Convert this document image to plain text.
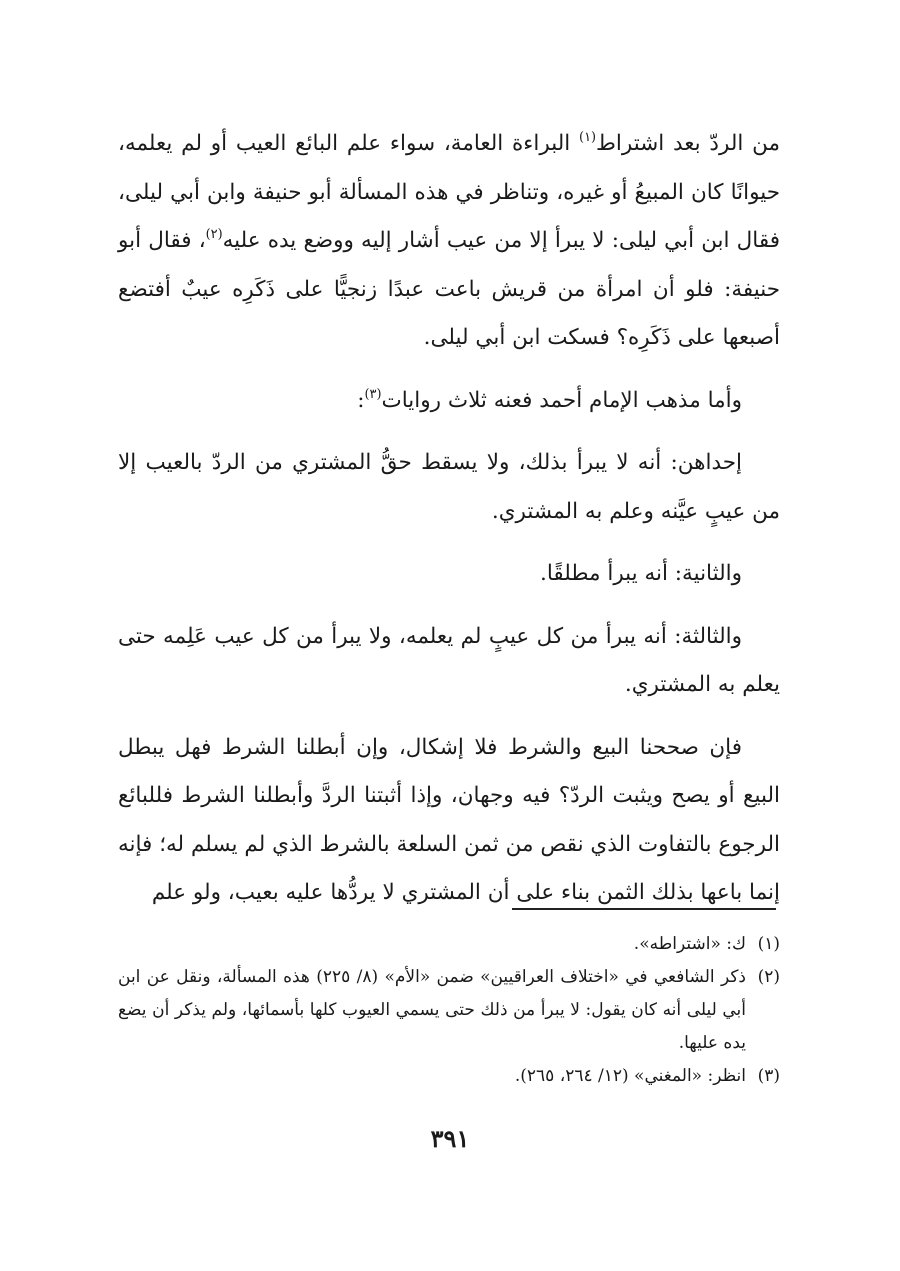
من الردّ بعد اشتراط$^{(١)}$ البراءة العامة، سواء علم البائع العيب أو لم يعلمه، حيوانًا كان المبيعُ أو غيره، وتناظر في هذه المسألة أبو حنيفة وابن أبي ليلى، فقال ابن أبي ليلى: لا يبرأ إلا من عيب أشار إليه ووضع يده عليه$^{(٢)}$، فقال أبو حنيفة: فلو أن امرأة من قريش باعت عبدًا زنجيًّا على ذَكَرِه عيبٌ أفتضع أصبعها على ذَكَرِه؟ فسكت ابن أبي ليلى.

وأما مذهب الإمام أحمد فعنه ثلاث روايات$^{(٣)}$:

إحداهن: أنه لا يبرأ بذلك، ولا يسقط حقُّ المشتري من الردّ بالعيب إلا من عيبٍ عيَّنه وعلم به المشتري.

والثانية: أنه يبرأ مطلقًا.

والثالثة: أنه يبرأ من كل عيبٍ لم يعلمه، ولا يبرأ من كل عيب عَلِمه حتى يعلم به المشتري.

فإن صححنا البيع والشرط فلا إشكال، وإن أبطلنا الشرط فهل يبطل البيع أو يصح ويثبت الردّ؟ فيه وجهان، وإذا أثبتنا الردَّ وأبطلنا الشرط فللبائع الرجوع بالتفاوت الذي نقص من ثمن السلعة بالشرط الذي لم يسلم له؛ فإنه إنما باعها بذلك الثمن بناء على أن المشتري لا يردُّها عليه بعيب، ولو علم

(١)
ك: «اشتراطه».
(٢)
ذكر الشافعي في «اختلاف العراقيين» ضمن «الأم» (٨/ ٢٢٥) هذه المسألة، ونقل عن ابن أبي ليلى أنه كان يقول: لا يبرأ من ذلك حتى يسمي العيوب كلها بأسمائها، ولم يذكر أن يضع يده عليها.
(٣)
انظر: «المغني» (١٢/ ٢٦٤، ٢٦٥).
٣٩١
